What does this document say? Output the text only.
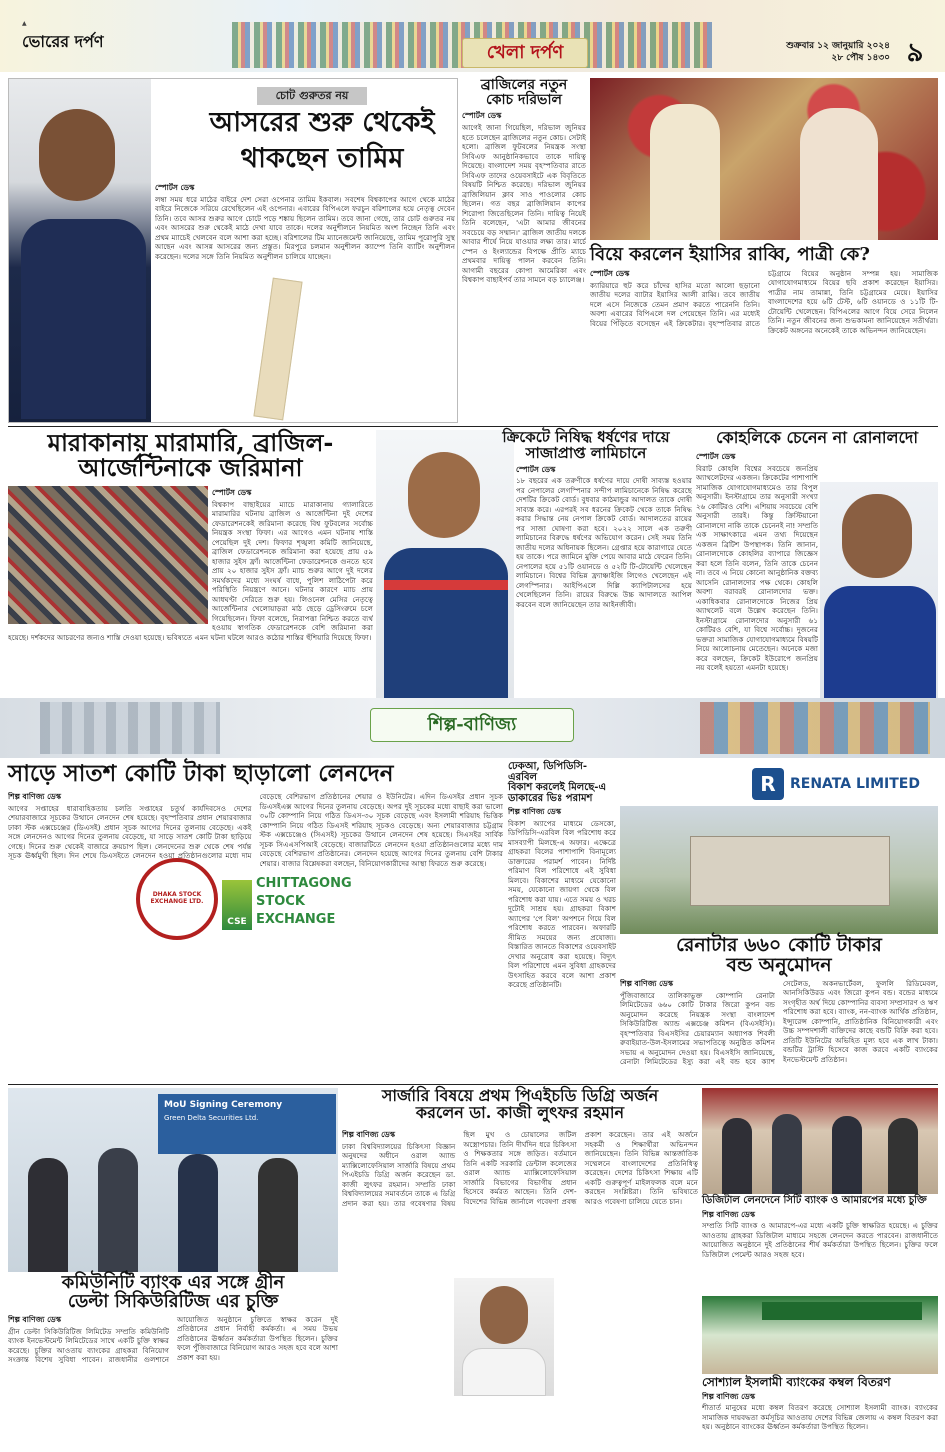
▲
ভোরের দর্পণ
খেলা দর্পণ	শুক্রবার ১২ জানুয়ারি ২০২৪
২৮ পৌষ ১৪৩০ ৯
চোট গুরুতর নয়
আসরের শুরু থেকেই
থাকছেন তামিম
স্পোর্টস ডেস্ক
লম্বা সময় ধরে মাঠের বাইরে দেশ সেরা ওপেনার তামিম ইকবাল। সবশেষ বিশ্বকাপের আগে থেকে মাঠের বাইরে নিজেকে সরিয়ে রেখেছিলেন এই ওপেনার। এবারের বিপিএলে ফরচুন বরিশালের হয়ে নেতৃত্ব দেবেন তিনি। তবে আসর শুরুর আগে চোটে পড়ে শঙ্কায় ছিলেন তামিম। তবে জানা গেছে, তার চোট গুরুতর নয় এবং আসরের শুরু থেকেই মাঠে দেখা যাবে তাকে। দলের অনুশীলনে নিয়মিত অংশ নিচ্ছেন তিনি এবং প্রথম ম্যাচেই খেলবেন বলে আশা করা হচ্ছে। বরিশালের টিম ম্যানেজমেন্ট জানিয়েছে, তামিম পুরোপুরি সুস্থ আছেন এবং আসন্ন আসরের জন্য প্রস্তুত। মিরপুরে চলমান অনুশীলন ক্যাম্পে তিনি ব্যাটিং অনুশীলন করেছেন। দলের সঙ্গে তিনি নিয়মিত অনুশীলন চালিয়ে যাচ্ছেন।
ব্রাজিলের নতুন
কোচ দরিভাল
স্পোর্টস ডেস্ক
আগেই জানা গিয়েছিল, দরিভাল জুনিয়র হতে চলেছেন ব্রাজিলের নতুন কোচ। সেটাই হলো। ব্রাজিল ফুটবলের নিয়ন্ত্রক সংস্থা সিবিএফ আনুষ্ঠানিকভাবে তাকে দায়িত্ব দিয়েছে। বাংলাদেশ সময় বৃহস্পতিবার রাতে সিবিএফ তাদের ওয়েবসাইটে এক বিবৃতিতে বিষয়টি নিশ্চিত করেছে। দরিভাল জুনিয়র ব্রাজিলিয়ান ক্লাব সাও পাওলোর কোচ ছিলেন। গত বছর ব্রাজিলিয়ান কাপের শিরোপা জিতেছিলেন তিনি। দায়িত্ব নিয়েই তিনি বলেছেন, 'এটা আমার জীবনের সবচেয়ে বড় সম্মান।' ব্রাজিল জাতীয় দলকে আবার শীর্ষে নিয়ে যাওয়ার লক্ষ্য তার। মার্চে স্পেন ও ইংল্যান্ডের বিপক্ষে প্রীতি ম্যাচে প্রথমবার দায়িত্ব পালন করবেন তিনি। আগামী বছরের কোপা আমেরিকা এবং বিশ্বকাপ বাছাইপর্ব তার সামনে বড় চ্যালেঞ্জ।
বিয়ে করলেন ইয়াসির রাব্বি, পাত্রী কে?
স্পোর্টস ডেস্ক
ক্যারিয়ারে হুট করে চাঁদের হাসির মতো আলো ছড়ানো জাতীয় দলের ব্যাটার ইয়াসির আলী রাব্বি। তবে জাতীয় দলে এসে নিজেকে তেমন প্রমাণ করতে পারেননি তিনি। অবশ্য এবারের বিপিএলে দল পেয়েছেন তিনি। এর মধ্যেই বিয়ের পিঁড়িতে বসেছেন এই ক্রিকেটার। বৃহস্পতিবার রাতে চট্টগ্রামে বিয়ের অনুষ্ঠান সম্পন্ন হয়। সামাজিক যোগাযোগমাধ্যমে বিয়ের ছবি প্রকাশ করেছেন ইয়াসির। পাত্রীর নাম তামান্না, তিনি চট্টগ্রামের মেয়ে। ইয়াসির বাংলাদেশের হয়ে ৬টি টেস্ট, ৬টি ওয়ানডে ও ১১টি টি-টোয়েন্টি খেলেছেন। বিপিএলের আগে বিয়ে সেরে নিলেন তিনি। নতুন জীবনের জন্য শুভকামনা জানিয়েছেন সতীর্থরা। ক্রিকেট অঙ্গনের অনেকেই তাকে অভিনন্দন জানিয়েছেন।
মারাকানায় মারামারি, ব্রাজিল-
আর্জেন্টিনাকে জরিমানা
স্পোর্টস ডেস্ক
বিশ্বকাপ বাছাইয়ের ম্যাচে মারাকানায় গ্যালারিতে মারামারির ঘটনায় ব্রাজিল ও আর্জেন্টিনা দুই দেশের ফেডারেশনকেই জরিমানা করেছে বিশ্ব ফুটবলের সর্বোচ্চ নিয়ন্ত্রক সংস্থা ফিফা। এর আগেও এমন ঘটনায় শাস্তি পেয়েছিল দুই দেশ। ফিফার শৃঙ্খলা কমিটি জানিয়েছে, ব্রাজিল ফেডারেশনকে জরিমানা করা হয়েছে প্রায় ৫৯ হাজার সুইস ফ্রাঁ। আর্জেন্টিনা ফেডারেশনকে গুনতে হবে প্রায় ২০ হাজার সুইস ফ্রাঁ। ম্যাচ শুরুর আগে দুই দলের সমর্থকদের মধ্যে সংঘর্ষ বাধে, পুলিশ লাঠিপেটা করে পরিস্থিতি নিয়ন্ত্রণে আনে। ঘটনার কারণে ম্যাচ প্রায় আধঘণ্টা দেরিতে শুরু হয়। লিওনেল মেসির নেতৃত্বে আর্জেন্টিনার খেলোয়াড়রা মাঠ ছেড়ে ড্রেসিংরুমে চলে গিয়েছিলেন। ফিফা বলেছে, নিরাপত্তা নিশ্চিত করতে ব্যর্থ হওয়ায় স্বাগতিক ফেডারেশনকে বেশি জরিমানা করা হয়েছে। দর্শকদের আচরণের জন্যও শাস্তি দেওয়া হয়েছে। ভবিষ্যতে এমন ঘটনা ঘটলে আরও কঠোর শাস্তির হুঁশিয়ারি দিয়েছে ফিফা।
ক্রিকেটে নিষিদ্ধ ধর্ষণের দায়ে
সাজাপ্রাপ্ত লামিচানে
স্পোর্টস ডেস্ক
১৮ বছরের এক তরুণীকে ধর্ষণের দায়ে দোষী সাব্যস্ত হওয়ার পর নেপালের লেগস্পিনার সন্দীপ লামিচানেকে নিষিদ্ধ করেছে দেশটির ক্রিকেট বোর্ড। বুধবার কাঠমান্ডুর আদালত তাকে দোষী সাব্যস্ত করে। এরপরই সব ধরনের ক্রিকেট থেকে তাকে নিষিদ্ধ করার সিদ্ধান্ত নেয় নেপাল ক্রিকেট বোর্ড। আদালতের রায়ের পর সাজা ঘোষণা করা হবে। ২০২২ সালে এক তরুণী লামিচানের বিরুদ্ধে ধর্ষণের অভিযোগ করেন। সেই সময় তিনি জাতীয় দলের অধিনায়ক ছিলেন। গ্রেপ্তার হয়ে কারাগারে যেতে হয় তাকে। পরে জামিনে মুক্তি পেয়ে আবার মাঠে ফেরেন তিনি। নেপালের হয়ে ৫১টি ওয়ানডে ও ৫২টি টি-টোয়েন্টি খেলেছেন লামিচানে। বিশ্বের বিভিন্ন ফ্র্যাঞ্চাইজি লিগেও খেলেছেন এই লেগস্পিনার। আইপিএলে দিল্লি ক্যাপিটালসের হয়ে খেলেছিলেন তিনি। রায়ের বিরুদ্ধে উচ্চ আদালতে আপিল করবেন বলে জানিয়েছেন তার আইনজীবী।
কোহলিকে চেনেন না রোনালদো
স্পোর্টস ডেস্ক
বিরাট কোহলি বিশ্বের সবচেয়ে জনপ্রিয় অ্যাথলেটদের একজন। ক্রিকেটের পাশাপাশি সামাজিক যোগাযোগমাধ্যমেও তার বিপুল অনুসারী। ইনস্টাগ্রামে তার অনুসারী সংখ্যা ২৬ কোটিরও বেশি। এশিয়ায় সবচেয়ে বেশি অনুসারী তারই। কিন্তু ক্রিস্টিয়ানো রোনালদো নাকি তাকে চেনেনই না! সম্প্রতি এক সাক্ষাৎকারে এমন তথ্য দিয়েছেন একজন ব্রিটিশ উপস্থাপক। তিনি জানান, রোনালদোকে কোহলির ব্যাপারে জিজ্ঞেস করা হলে তিনি বলেন, তিনি তাকে চেনেন না। তবে এ নিয়ে কোনো আনুষ্ঠানিক বক্তব্য আসেনি রোনালদোর পক্ষ থেকে। কোহলি অবশ্য বরাবরই রোনালদোর ভক্ত। একাধিকবার রোনালদোকে নিজের প্রিয় অ্যাথলেট বলে উল্লেখ করেছেন তিনি। ইনস্টাগ্রামে রোনালদোর অনুসারী ৬১ কোটিরও বেশি, যা বিশ্বে সর্বোচ্চ। দুজনের ভক্তরা সামাজিক যোগাযোগমাধ্যমে বিষয়টি নিয়ে আলোচনায় মেতেছেন। অনেকে মজা করে বলছেন, ক্রিকেট ইউরোপে জনপ্রিয় নয় বলেই হয়তো এমনটা হয়েছে।
শিল্প-বাণিজ্য
সাড়ে সাতশ কোটি টাকা ছাড়ালো লেনদেন
DHAKA STOCK EXCHANGE LTD.
CSE
CHITTAGONG
STOCK
EXCHANGE
শিল্প বাণিজ্য ডেস্ক
আগের সপ্তাহের ধারাবাহিকতায় চলতি সপ্তাহের চতুর্থ কার্যদিবসেও দেশের শেয়ারবাজারে সূচকের উত্থানে লেনদেন শেষ হয়েছে। বৃহস্পতিবার প্রধান শেয়ারবাজার ঢাকা স্টক এক্সচেঞ্জের (ডিএসই) প্রধান সূচক আগের দিনের তুলনায় বেড়েছে। একই সঙ্গে লেনদেনও আগের দিনের তুলনায় বেড়েছে, যা সাড়ে সাতশ কোটি টাকা ছাড়িয়ে গেছে। দিনের শুরু থেকেই বাজারে ক্রয়চাপ ছিল। লেনদেনের শুরু থেকে শেষ পর্যন্ত সূচক ঊর্ধ্বমুখী ছিল। দিন শেষে ডিএসইতে লেনদেন হওয়া প্রতিষ্ঠানগুলোর মধ্যে দাম বেড়েছে বেশিরভাগ প্রতিষ্ঠানের শেয়ার ও ইউনিটের। এদিন ডিএসইর প্রধান সূচক ডিএসইএক্স আগের দিনের তুলনায় বেড়েছে। অপর দুই সূচকের মধ্যে বাছাই করা ভালো ৩০টি কোম্পানি নিয়ে গঠিত ডিএস-৩০ সূচক বেড়েছে এবং ইসলামী শরিয়াহ ভিত্তিক কোম্পানি নিয়ে গঠিত ডিএসই শরিয়াহ সূচকও বেড়েছে। অন্য শেয়ারবাজার চট্টগ্রাম স্টক এক্সচেঞ্জেও (সিএসই) সূচকের উত্থানে লেনদেন শেষ হয়েছে। সিএসইর সার্বিক সূচক সিএএসপিআই বেড়েছে। বাজারটিতে লেনদেন হওয়া প্রতিষ্ঠানগুলোর মধ্যে দাম বেড়েছে বেশিরভাগ প্রতিষ্ঠানের। লেনদেন হয়েছে আগের দিনের তুলনায় বেশি টাকার শেয়ার। বাজার বিশ্লেষকরা বলছেন, বিনিয়োগকারীদের আস্থা ফিরতে শুরু করেছে।
ঢেকআ, ডিপিডিসি-এরবিল
বিকাশ করলেই মিলছে-এ
ডাকারের ভিঃ পরামশ
শিল্প বাণিজ্য ডেস্ক
বিকাশ অ্যাপের মাধ্যমে ডেসকো, ডিপিডিসি-এরবিল বিল পরিশোধ করে মাসব্যাপী মিলছে-এ অফার। এক্ষেত্রে গ্রাহকরা বিলের পাশাপাশি বিনামূল্যে ডাক্তারের পরামর্শ পাবেন। নির্দিষ্ট পরিমাণ বিল পরিশোধে এই সুবিধা মিলবে। বিকাশের মাধ্যমে যেকোনো সময়, যেকোনো জায়গা থেকে বিল পরিশোধ করা যায়। এতে সময় ও খরচ দুটোই সাশ্রয় হয়। গ্রাহকরা বিকাশ অ্যাপের 'পে বিল' অপশনে গিয়ে বিল পরিশোধ করতে পারবেন। অফারটি সীমিত সময়ের জন্য প্রযোজ্য। বিস্তারিত জানতে বিকাশের ওয়েবসাইট দেখার অনুরোধ করা হয়েছে। বিদ্যুৎ বিল পরিশোধে এমন সুবিধা গ্রাহকদের উৎসাহিত করবে বলে আশা প্রকাশ করেছে প্রতিষ্ঠানটি।
R	RENATA LIMITED
রেনাটার ৬৬০ কোটি টাকার
বন্ড অনুমোদন
শিল্প বাণিজ্য ডেস্ক
পুঁজিবাজারে তালিকাভুক্ত কোম্পানি রেনাটা লিমিটেডের ৬৬০ কোটি টাকার জিরো কুপন বন্ড অনুমোদন করেছে নিয়ন্ত্রক সংস্থা বাংলাদেশ সিকিউরিটিজ অ্যান্ড এক্সচেঞ্জ কমিশন (বিএসইসি)। বৃহস্পতিবার বিএসইসির চেয়ারম্যান অধ্যাপক শিবলী রুবাইয়াত-উল-ইসলামের সভাপতিত্বে অনুষ্ঠিত কমিশন সভায় এ অনুমোদন দেওয়া হয়। বিএসইসি জানিয়েছে, রেনাটা লিমিটেডের ইস্যু করা এই বন্ড হবে ক্যাশ সেটেলড, অকনভার্টেবল, ফুললি রিডিমেবল, আনসিকিউরড এবং জিরো কুপন বন্ড। বন্ডের মাধ্যমে সংগৃহীত অর্থ দিয়ে কোম্পানির ব্যবসা সম্প্রসারণ ও ঋণ পরিশোধ করা হবে। ব্যাংক, নন-ব্যাংক আর্থিক প্রতিষ্ঠান, ইন্স্যুরেন্স কোম্পানি, প্রাতিষ্ঠানিক বিনিয়োগকারী এবং উচ্চ সম্পদশালী ব্যক্তিদের কাছে বন্ডটি বিক্রি করা হবে। প্রতিটি ইউনিটের অভিহিত মূল্য হবে এক লাখ টাকা। বন্ডটির ট্রাস্টি হিসেবে কাজ করবে একটি ব্যাংকের ইনভেস্টমেন্ট প্রতিষ্ঠান।
MoU Signing Ceremony
Green Delta Securities Ltd.
কমিউনিটি ব্যাংক এর সঙ্গে গ্রীন
ডেল্টা সিকিউরিটিজ এর চুক্তি
শিল্প বাণিজ্য ডেস্ক
গ্রীন ডেল্টা সিকিউরিটিজ লিমিটেড সম্প্রতি কমিউনিটি ব্যাংক ইনভেস্টমেন্ট লিমিটেডের সাথে একটি চুক্তি স্বাক্ষর করেছে। চুক্তির আওতায় ব্যাংকের গ্রাহকরা বিনিয়োগ সংক্রান্ত বিশেষ সুবিধা পাবেন। রাজধানীর গুলশানে আয়োজিত অনুষ্ঠানে চুক্তিতে স্বাক্ষর করেন দুই প্রতিষ্ঠানের প্রধান নির্বাহী কর্মকর্তা। এ সময় উভয় প্রতিষ্ঠানের ঊর্ধ্বতন কর্মকর্তারা উপস্থিত ছিলেন। চুক্তির ফলে পুঁজিবাজারে বিনিয়োগ আরও সহজ হবে বলে আশা প্রকাশ করা হয়।
সার্জারি বিষয়ে প্রথম পিএইচডি ডিগ্রি অর্জন
করলেন ডা. কাজী লুৎফর রহমান
শিল্প বাণিজ্য ডেস্ক
ঢাকা বিশ্ববিদ্যালয়ের চিকিৎসা বিজ্ঞান অনুষদের অধীনে ওরাল অ্যান্ড ম্যাক্সিলোফেসিয়াল সার্জারি বিষয়ে প্রথম পিএইচডি ডিগ্রি অর্জন করেছেন ডা. কাজী লুৎফর রহমান। সম্প্রতি ঢাকা বিশ্ববিদ্যালয়ের সমাবর্তনে তাকে এ ডিগ্রি প্রদান করা হয়। তার গবেষণার বিষয় ছিল মুখ ও চোয়ালের জটিল অস্ত্রোপচার। তিনি দীর্ঘদিন ধরে চিকিৎসা ও শিক্ষকতার সঙ্গে জড়িত। বর্তমানে তিনি একটি সরকারি ডেন্টাল কলেজের ওরাল অ্যান্ড ম্যাক্সিলোফেসিয়াল সার্জারি বিভাগের বিভাগীয় প্রধান হিসেবে কর্মরত আছেন। তিনি দেশ-বিদেশের বিভিন্ন জার্নালে গবেষণা প্রবন্ধ প্রকাশ করেছেন। তার এই অর্জনে সহকর্মী ও শিক্ষার্থীরা অভিনন্দন জানিয়েছেন। তিনি বিভিন্ন আন্তর্জাতিক সম্মেলনে বাংলাদেশের প্রতিনিধিত্ব করেছেন। দেশের চিকিৎসা শিক্ষায় এটি একটি গুরুত্বপূর্ণ মাইলফলক বলে মনে করছেন সংশ্লিষ্টরা। তিনি ভবিষ্যতে আরও গবেষণা চালিয়ে যেতে চান।	ডিজিটাল লেনদেনে সিটি ব্যাংক ও আমারপের মধ্যে চুক্তি
শিল্প বাণিজ্য ডেস্ক
সম্প্রতি সিটি ব্যাংক ও আমারপে-এর মধ্যে একটি চুক্তি স্বাক্ষরিত হয়েছে। এ চুক্তির আওতায় গ্রাহকরা ডিজিটাল মাধ্যমে সহজে লেনদেন করতে পারবেন। রাজধানীতে আয়োজিত অনুষ্ঠানে দুই প্রতিষ্ঠানের শীর্ষ কর্মকর্তারা উপস্থিত ছিলেন। চুক্তির ফলে ডিজিটাল পেমেন্ট আরও সহজ হবে।
সোশ্যাল ইসলামী ব্যাংকের কম্বল বিতরণ
শিল্প বাণিজ্য ডেস্ক
শীতার্ত মানুষের মধ্যে কম্বল বিতরণ করেছে সোশ্যাল ইসলামী ব্যাংক। ব্যাংকের সামাজিক দায়বদ্ধতা কর্মসূচির আওতায় দেশের বিভিন্ন জেলায় এ কম্বল বিতরণ করা হয়। অনুষ্ঠানে ব্যাংকের ঊর্ধ্বতন কর্মকর্তারা উপস্থিত ছিলেন।
